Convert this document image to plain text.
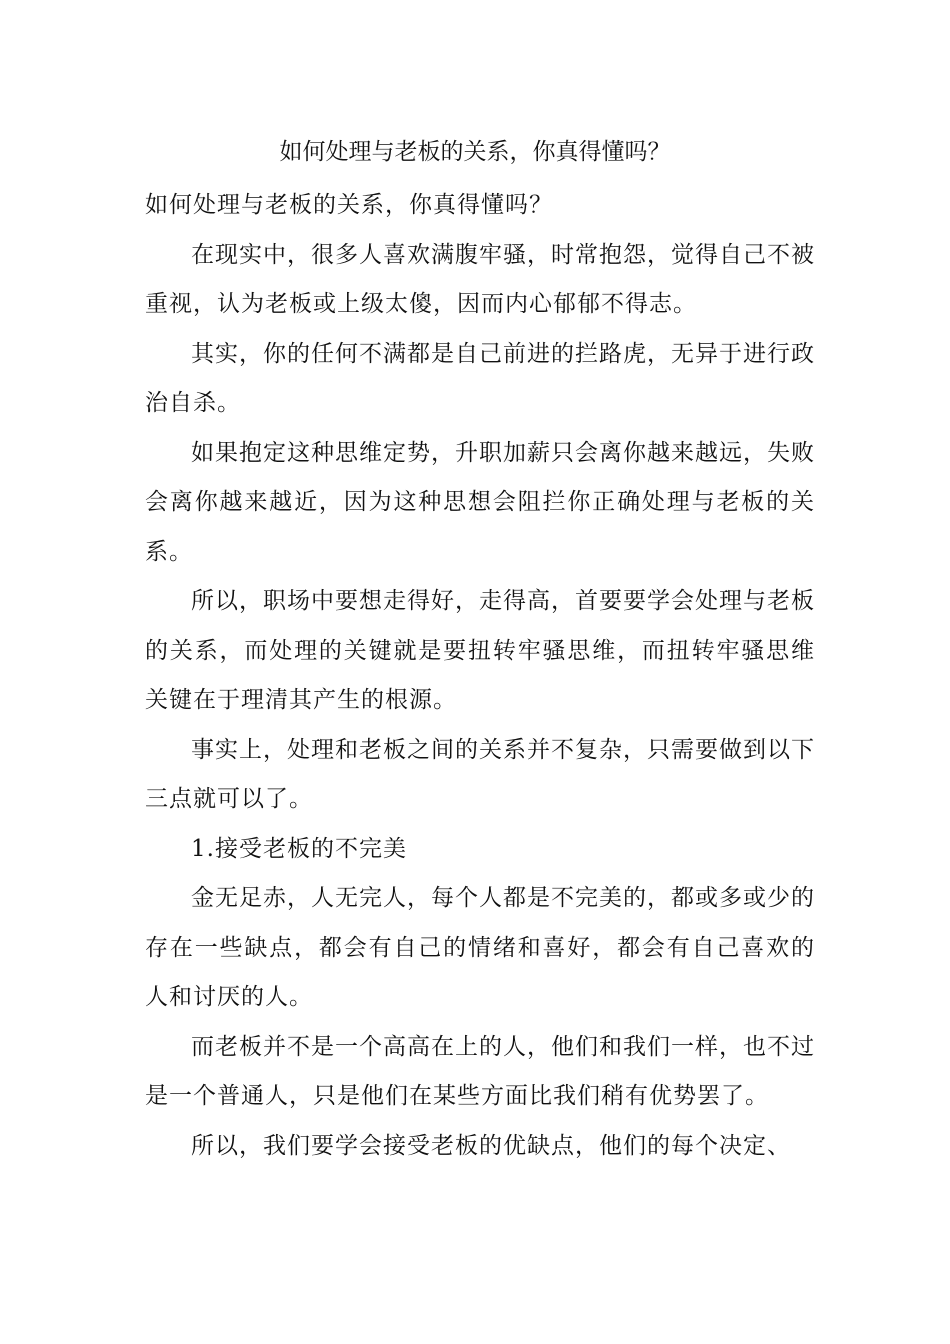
如何处理与老板的关系，你真得懂吗？

如何处理与老板的关系，你真得懂吗？

在现实中，很多人喜欢满腹牢骚，时常抱怨，觉得自己不被重视，认为老板或上级太傻，因而内心郁郁不得志。

其实，你的任何不满都是自己前进的拦路虎，无异于进行政治自杀。

如果抱定这种思维定势，升职加薪只会离你越来越远，失败会离你越来越近，因为这种思想会阻拦你正确处理与老板的关系。

所以，职场中要想走得好，走得高，首要要学会处理与老板的关系，而处理的关键就是要扭转牢骚思维，而扭转牢骚思维关键在于理清其产生的根源。

事实上，处理和老板之间的关系并不复杂，只需要做到以下三点就可以了。

1.接受老板的不完美

金无足赤，人无完人，每个人都是不完美的，都或多或少的存在一些缺点，都会有自己的情绪和喜好，都会有自己喜欢的人和讨厌的人。

而老板并不是一个高高在上的人，他们和我们一样，也不过是一个普通人，只是他们在某些方面比我们稍有优势罢了。

所以，我们要学会接受老板的优缺点，他们的每个决定、
